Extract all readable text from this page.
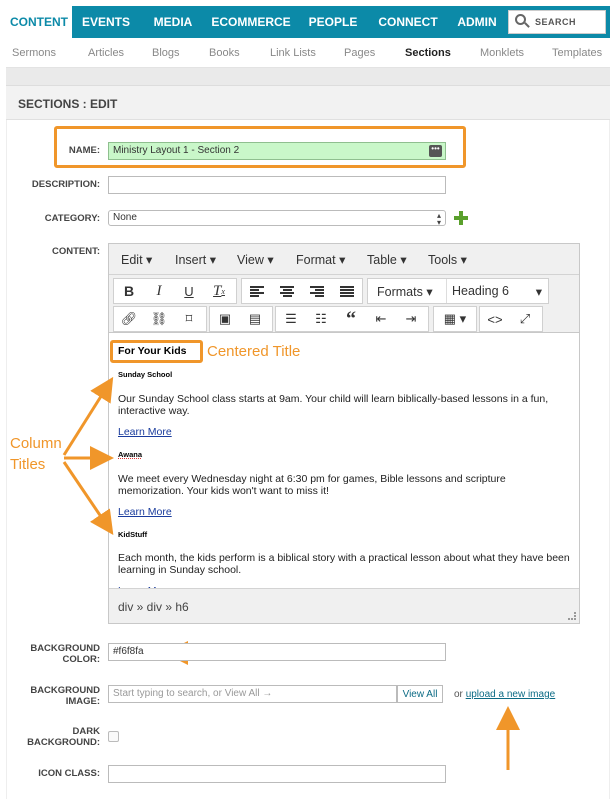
CONTENT	EVENTS	MEDIA	ECOMMERCE	PEOPLE	CONNECT	ADMIN	SEARCH
Sermons	Articles	Blogs	Books	Link Lists	Pages	Sections	Monklets	Templates
SECTIONS : EDIT
NAME:	Ministry Layout 1 - Section 2	•••
DESCRIPTION:
CATEGORY:	None	▴
▾
CONTENT:
Edit ▾ Insert ▾ View ▾ Format ▾ Table ▾ Tools ▾
B	I	U	T x	Formats ▾ Heading 6 ▾
🔗︎	⛓︎	⌑	▣	▤	☰	☷ “	⇤	⇥	▦ ▾	<>	⤢
For Your Kids
Sunday School

Our Sunday School class starts at 9am. Your child will learn biblically-based lessons in a fun, interactive way.

Learn More
Awana

We meet every Wednesday night at 6:30 pm for games, Bible lessons and scripture memorization. Your kids won't want to miss it!

Learn More
KidStuff

Each month, the kids perform is a biblical story with a practical lesson about what they have been learning in Sunday school.

div » div » h6
Centered Title
Column
Titles
BACKGROUND
COLOR:
#f6f8fa
BACKGROUND
IMAGE:
Start typing to search, or View All →	View All	or upload a new image
DARK
BACKGROUND:
ICON CLASS:
